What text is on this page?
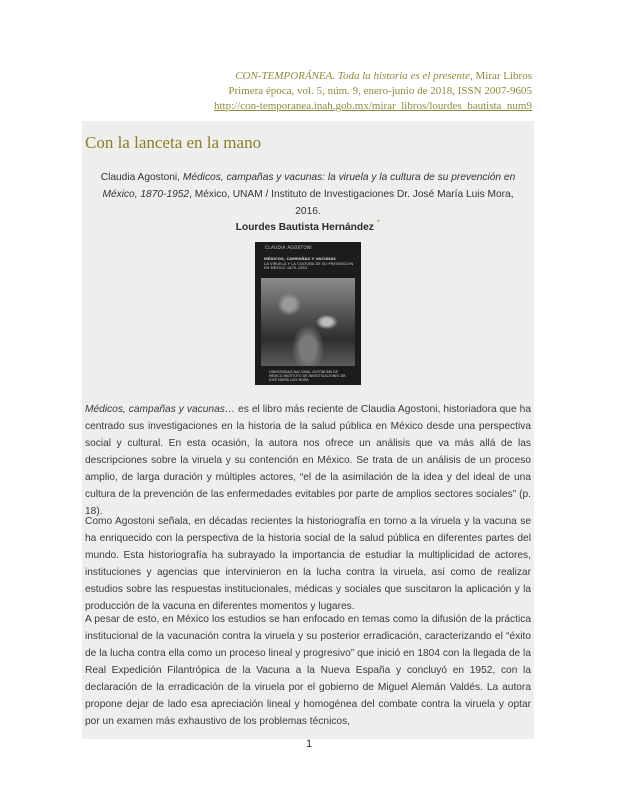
CON-TEMPORÁNEA. Toda la historia es el presente, Mirar Libros
Primera época, vol. 5, núm. 9, enero-junio de 2018, ISSN 2007-9605
http://con-temporanea.inah.gob.mx/mirar_libros/lourdes_bautista_num9
Con la lanceta en la mano

Claudia Agostoni, Médicos, campañas y vacunas: la viruela y la cultura de su prevención en México, 1870-1952, México, UNAM / Instituto de Investigaciones Dr. José María Luis Mora, 2016.

Lourdes Bautista Hernández *
CLAUDIA AGOSTONI
MÉDICOS, CAMPAÑAS Y VACUNAS
LA VIRUELA Y LA CULTURA DE SU PREVENCIÓN EN MÉXICO 1870-1952
UNIVERSIDAD NACIONAL AUTÓNOMA DE MÉXICO INSTITUTO DE INVESTIGACIONES DR. JOSÉ MARÍA LUIS MORA

Médicos, campañas y vacunas… es el libro más reciente de Claudia Agostoni, historiadora que ha centrado sus investigaciones en la historia de la salud pública en México desde una perspectiva social y cultural. En esta ocasión, la autora nos ofrece un análisis que va más allá de las descripciones sobre la viruela y su contención en México. Se trata de un análisis de un proceso amplio, de larga duración y múltiples actores, “el de la asimilación de la idea y del ideal de una cultura de la prevención de las enfermedades evitables por parte de amplios sectores sociales” (p. 18).

Como Agostoni señala, en décadas recientes la historiografía en torno a la viruela y la vacuna se ha enriquecido con la perspectiva de la historia social de la salud pública en diferentes partes del mundo. Esta historiografía ha subrayado la importancia de estudiar la multiplicidad de actores, instituciones y agencias que intervinieron en la lucha contra la viruela, así como de realizar estudios sobre las respuestas institucionales, médicas y sociales que suscitaron la aplicación y la producción de la vacuna en diferentes momentos y lugares.

A pesar de esto, en México los estudios se han enfocado en temas como la difusión de la práctica institucional de la vacunación contra la viruela y su posterior erradicación, caracterizando el “éxito de la lucha contra ella como un proceso lineal y progresivo” que inició en 1804 con la llegada de la Real Expedición Filantrópica de la Vacuna a la Nueva España y concluyó en 1952, con la declaración de la erradicación de la viruela por el gobierno de Miguel Alemán Valdés. La autora propone dejar de lado esa apreciación lineal y homogénea del combate contra la viruela y optar por un examen más exhaustivo de los problemas técnicos,

1
